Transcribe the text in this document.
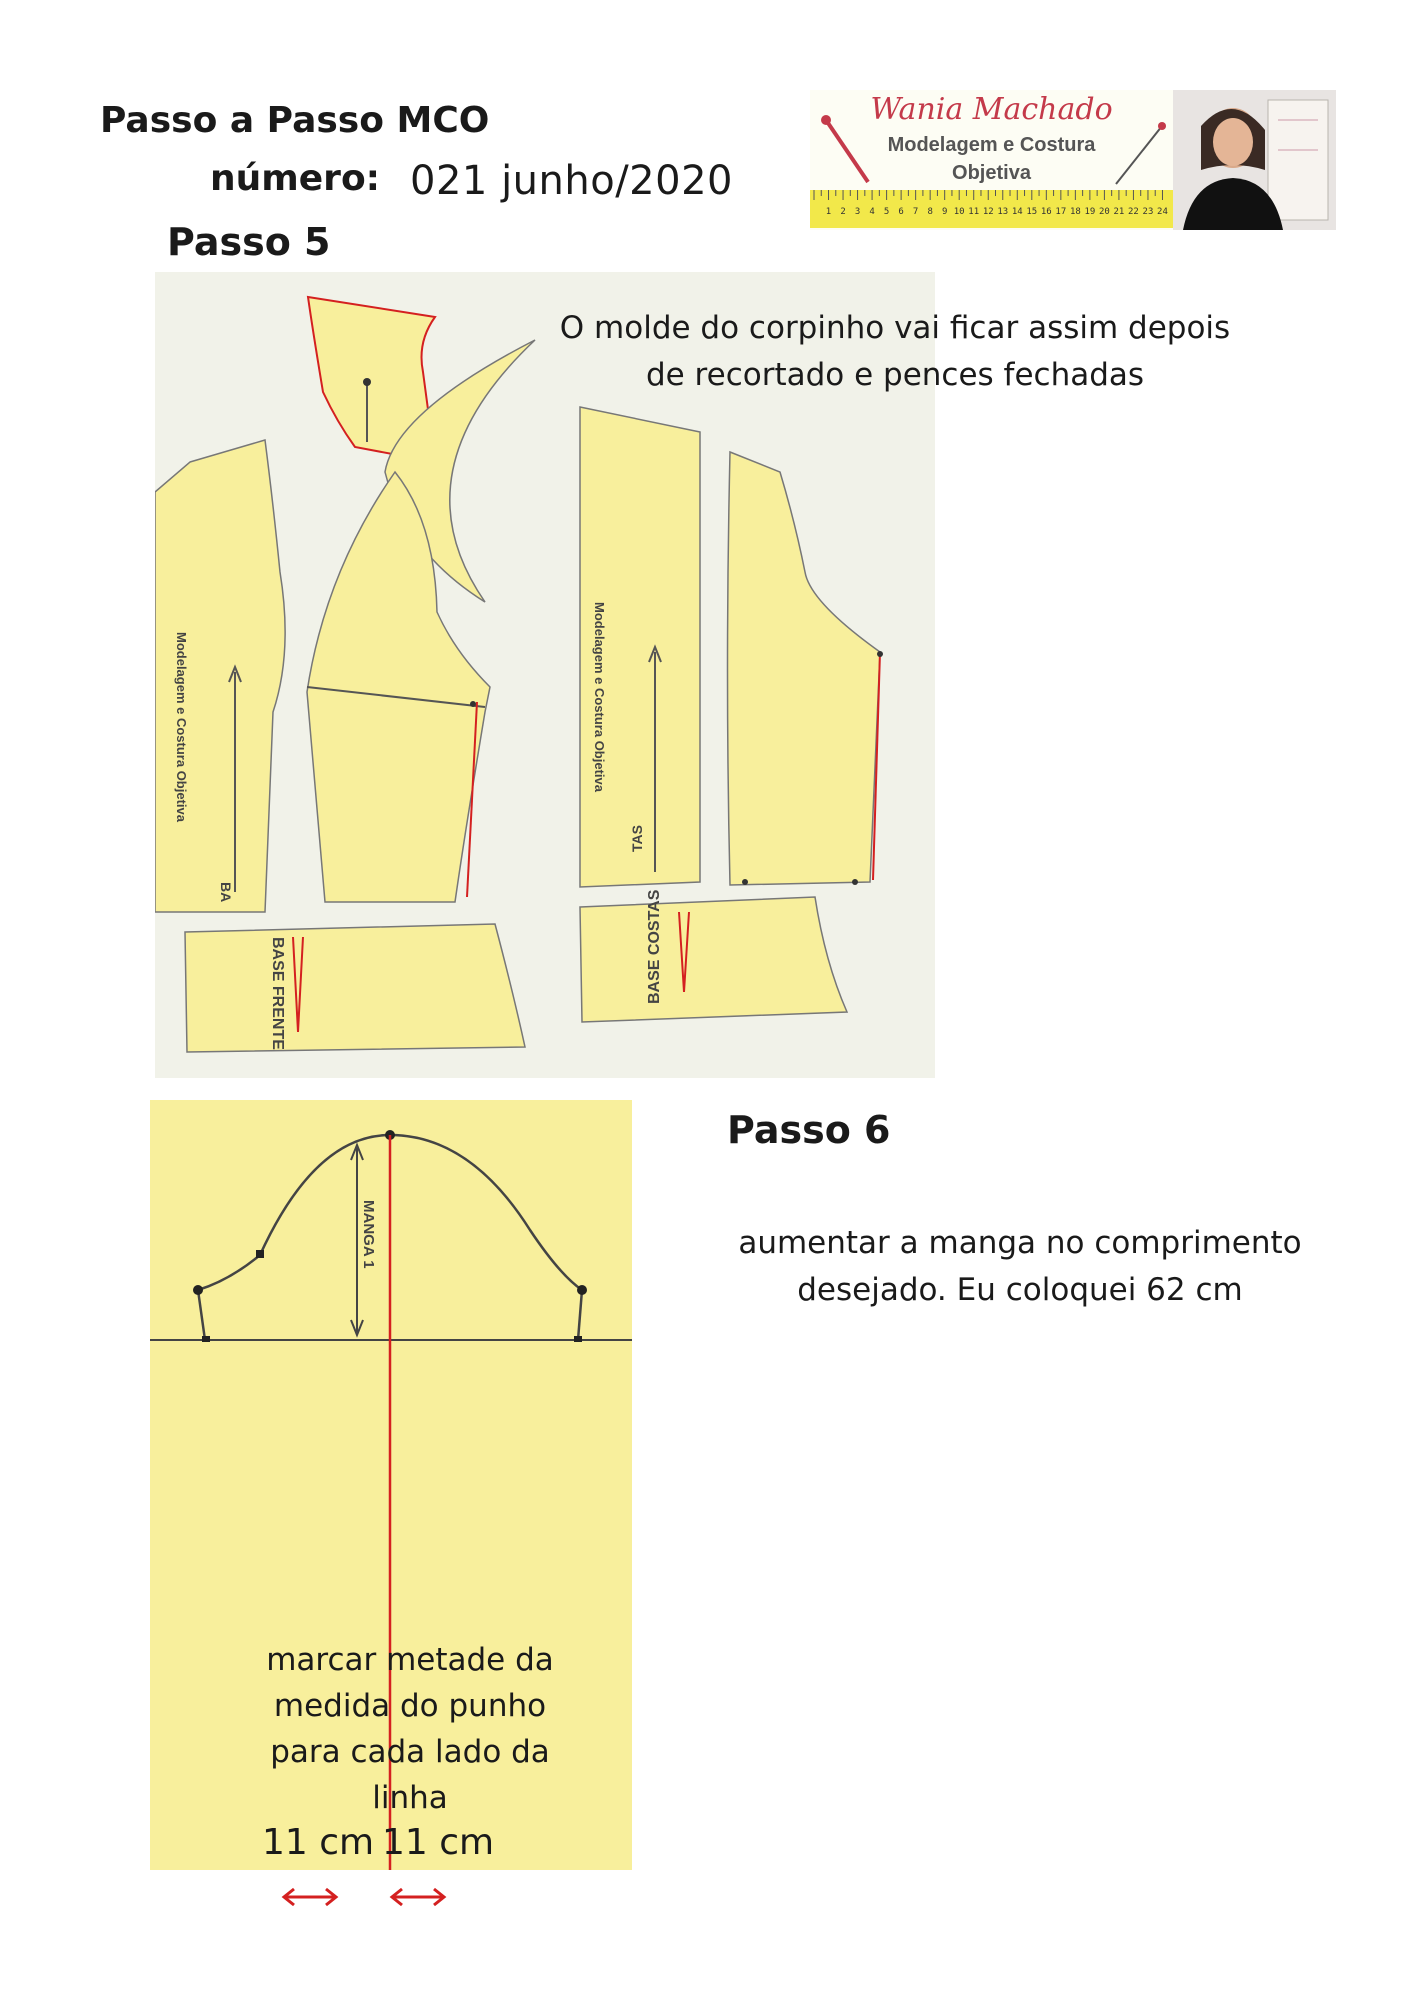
Passo a Passo MCO
número: 021 junho/2020
Wania Machado
Modelagem e Costura
Objetiva
1 2 3 4 5 6 7 8 9 10 11 12 13 14 15 16 17 18 19 20 21 22 23 24
Passo 5
Modelagem e Costura Objetiva
BA
Modelagem e Costura Objetiva
TAS
BASE FRENTE	BASE COSTAS
O molde do corpinho vai ficar assim depois de recortado e pences fechadas
Passo 6
MANGA 1	aumentar a manga no comprimento desejado. Eu coloquei 62 cm
marcar metade da medida do punho para cada lado da linha
11 cm 11 cm
